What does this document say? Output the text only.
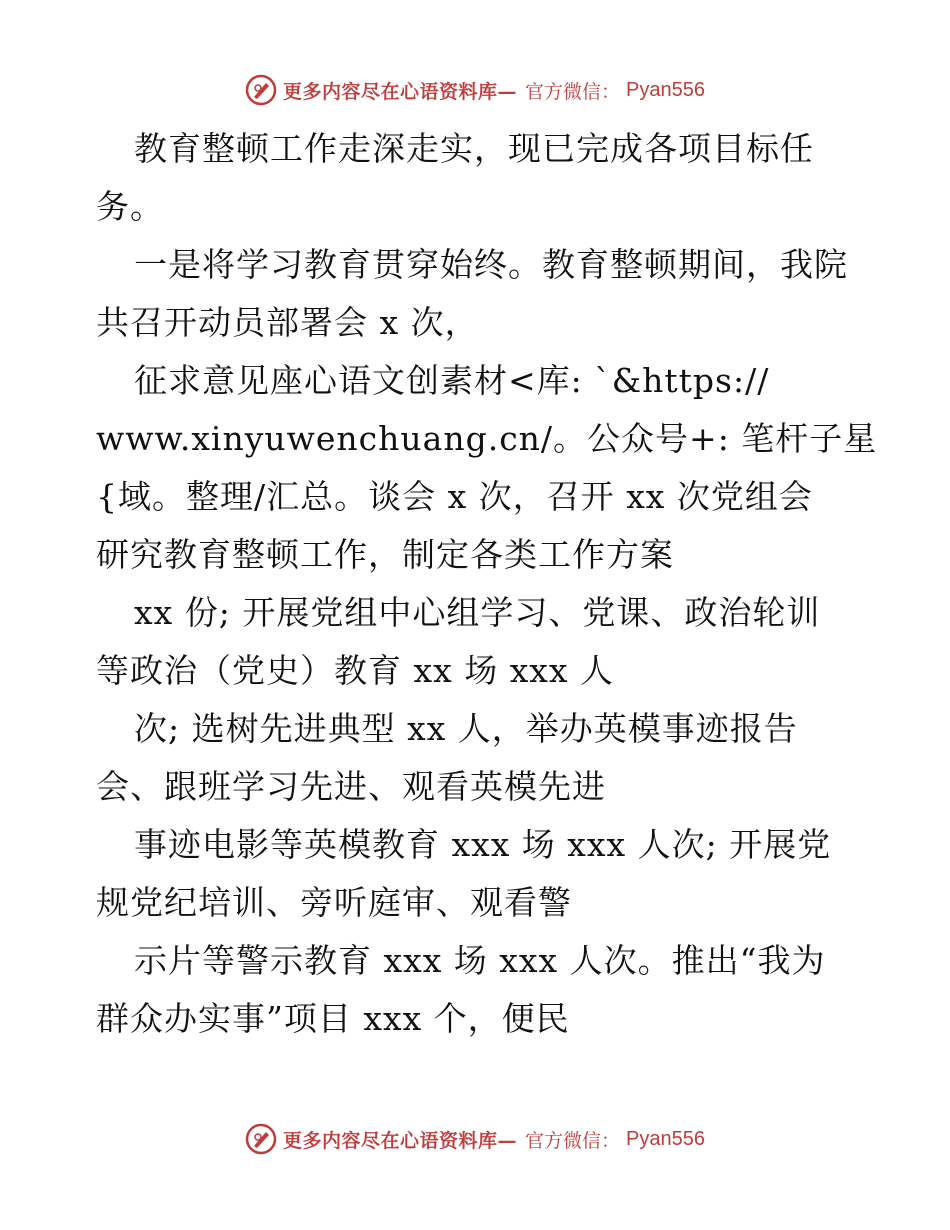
更多内容尽在心语资料库— 官方微信： Pyan556
教育整顿工作走深走实，现已完成各项目标任
务。
一是将学习教育贯穿始终。教育整顿期间，我院
共召开动员部署会 x 次，
征求意见座心语文创素材<库: `&https://
www.xinyuwenchuang.cn/。公众号+: 笔杆子星
{域。整理/汇总。谈会 x 次，召开 xx 次党组会
研究教育整顿工作，制定各类工作方案
xx 份; 开展党组中心组学习、党课、政治轮训
等政治（党史）教育 xx 场 xxx 人
次; 选树先进典型 xx 人，举办英模事迹报告
会、跟班学习先进、观看英模先进
事迹电影等英模教育 xxx 场 xxx 人次; 开展党
规党纪培训、旁听庭审、观看警
示片等警示教育 xxx 场 xxx 人次。推出“我为
群众办实事”项目 xxx 个，便民
更多内容尽在心语资料库— 官方微信： Pyan556
